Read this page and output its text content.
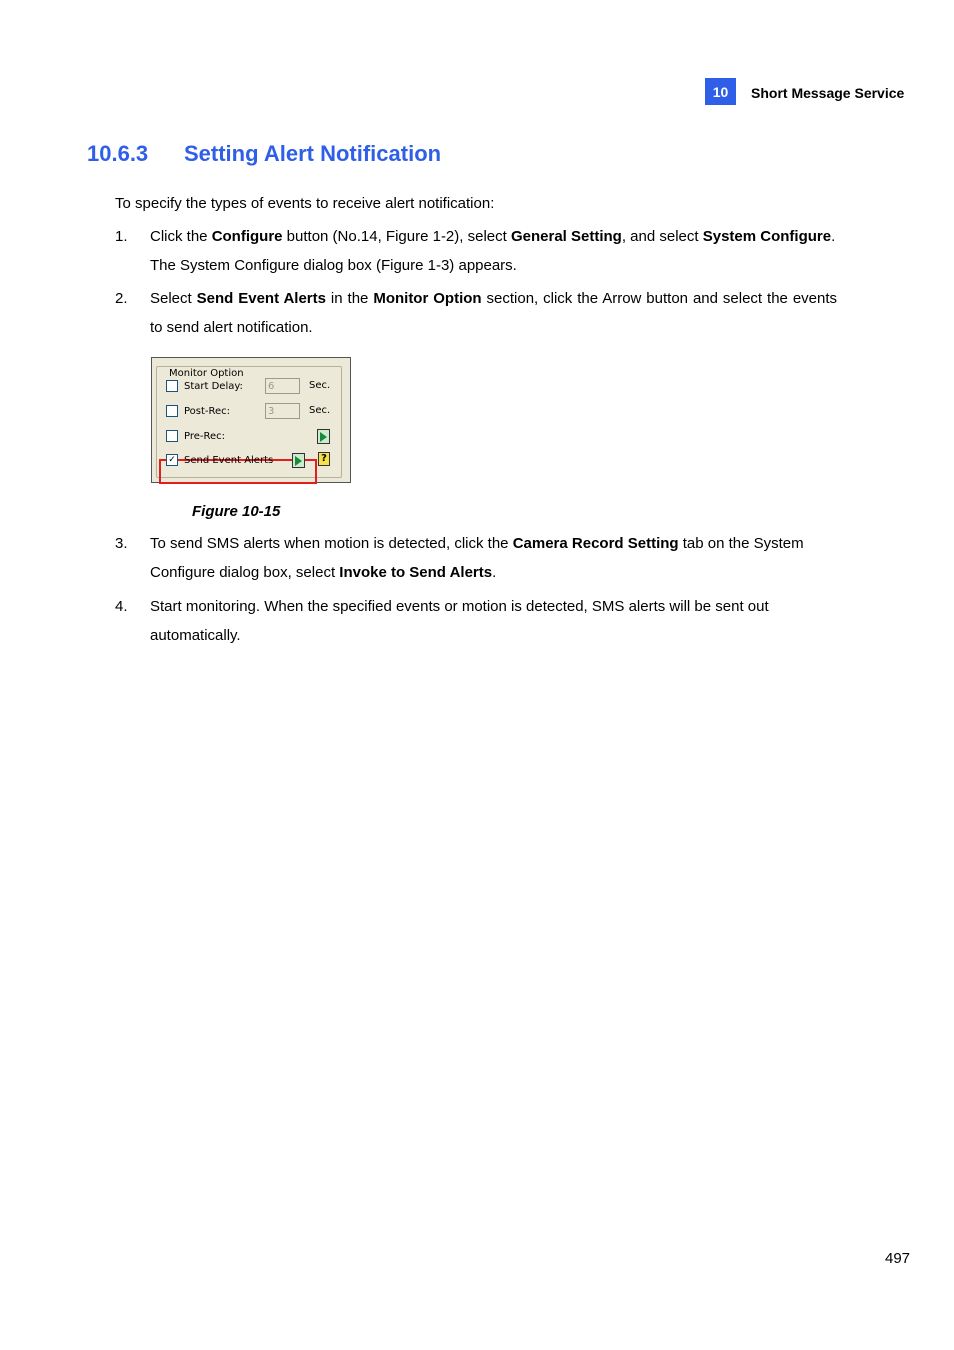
10	Short Message Service
10.6.3 Setting Alert Notification
To specify the types of events to receive alert notification:
1. Click the Configure button (No.14, Figure 1-2), select General Setting, and select System Configure. The System Configure dialog box (Figure 1-3) appears.
2. Select Send Event Alerts in the Monitor Option section, click the Arrow button and select the events to send alert notification.
Monitor Option
Start Delay:	6	Sec.
Post-Rec:	3	Sec.
Pre-Rec:
✓ Send Event Alerts	?
Figure 10-15
3. To send SMS alerts when motion is detected, click the Camera Record Setting tab on the System Configure dialog box, select Invoke to Send Alerts.
4. Start monitoring. When the specified events or motion is detected, SMS alerts will be sent out automatically.
497
